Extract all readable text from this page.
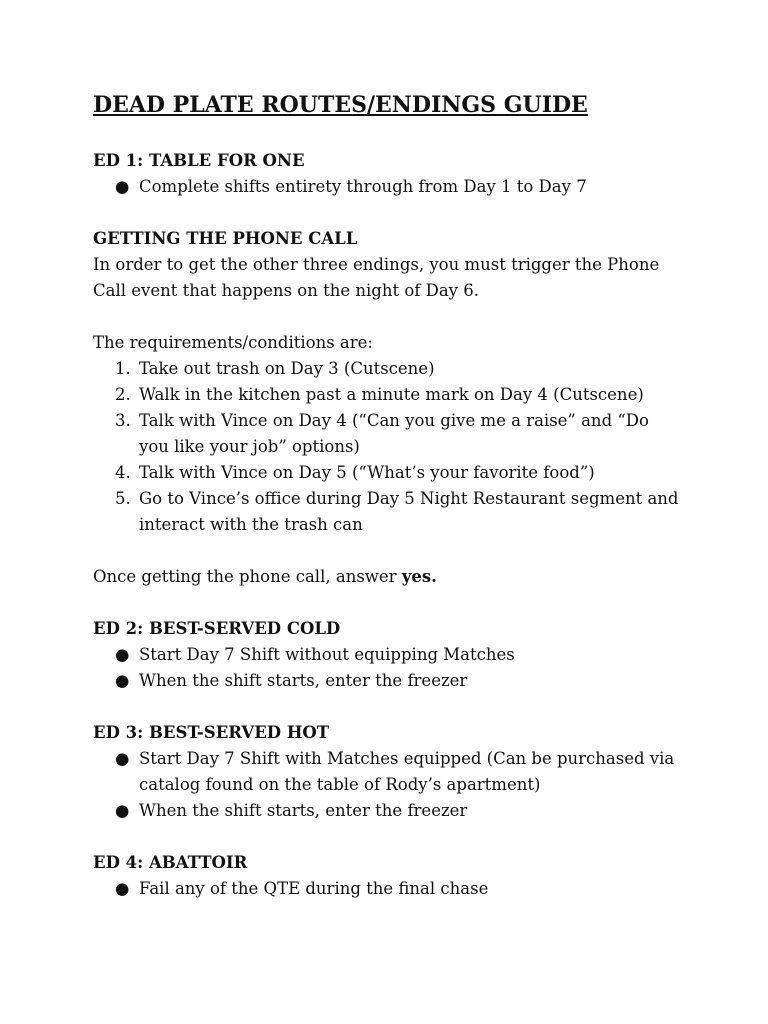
DEAD PLATE ROUTES/ENDINGS GUIDE
ED 1: TABLE FOR ONE
● Complete shifts entirety through from Day 1 to Day 7
GETTING THE PHONE CALL
In order to get the other three endings, you must trigger the Phone
Call event that happens on the night of Day 6.
The requirements/conditions are:
1. Take out trash on Day 3 (Cutscene)
2. Walk in the kitchen past a minute mark on Day 4 (Cutscene)
3. Talk with Vince on Day 4 (“Can you give me a raise” and “Do
you like your job” options)
4. Talk with Vince on Day 5 (“What’s your favorite food”)
5. Go to Vince’s office during Day 5 Night Restaurant segment and
interact with the trash can
Once getting the phone call, answer yes.
ED 2: BEST-SERVED COLD
● Start Day 7 Shift without equipping Matches
● When the shift starts, enter the freezer
ED 3: BEST-SERVED HOT
● Start Day 7 Shift with Matches equipped (Can be purchased via
catalog found on the table of Rody’s apartment)
● When the shift starts, enter the freezer
ED 4: ABATTOIR
● Fail any of the QTE during the final chase
